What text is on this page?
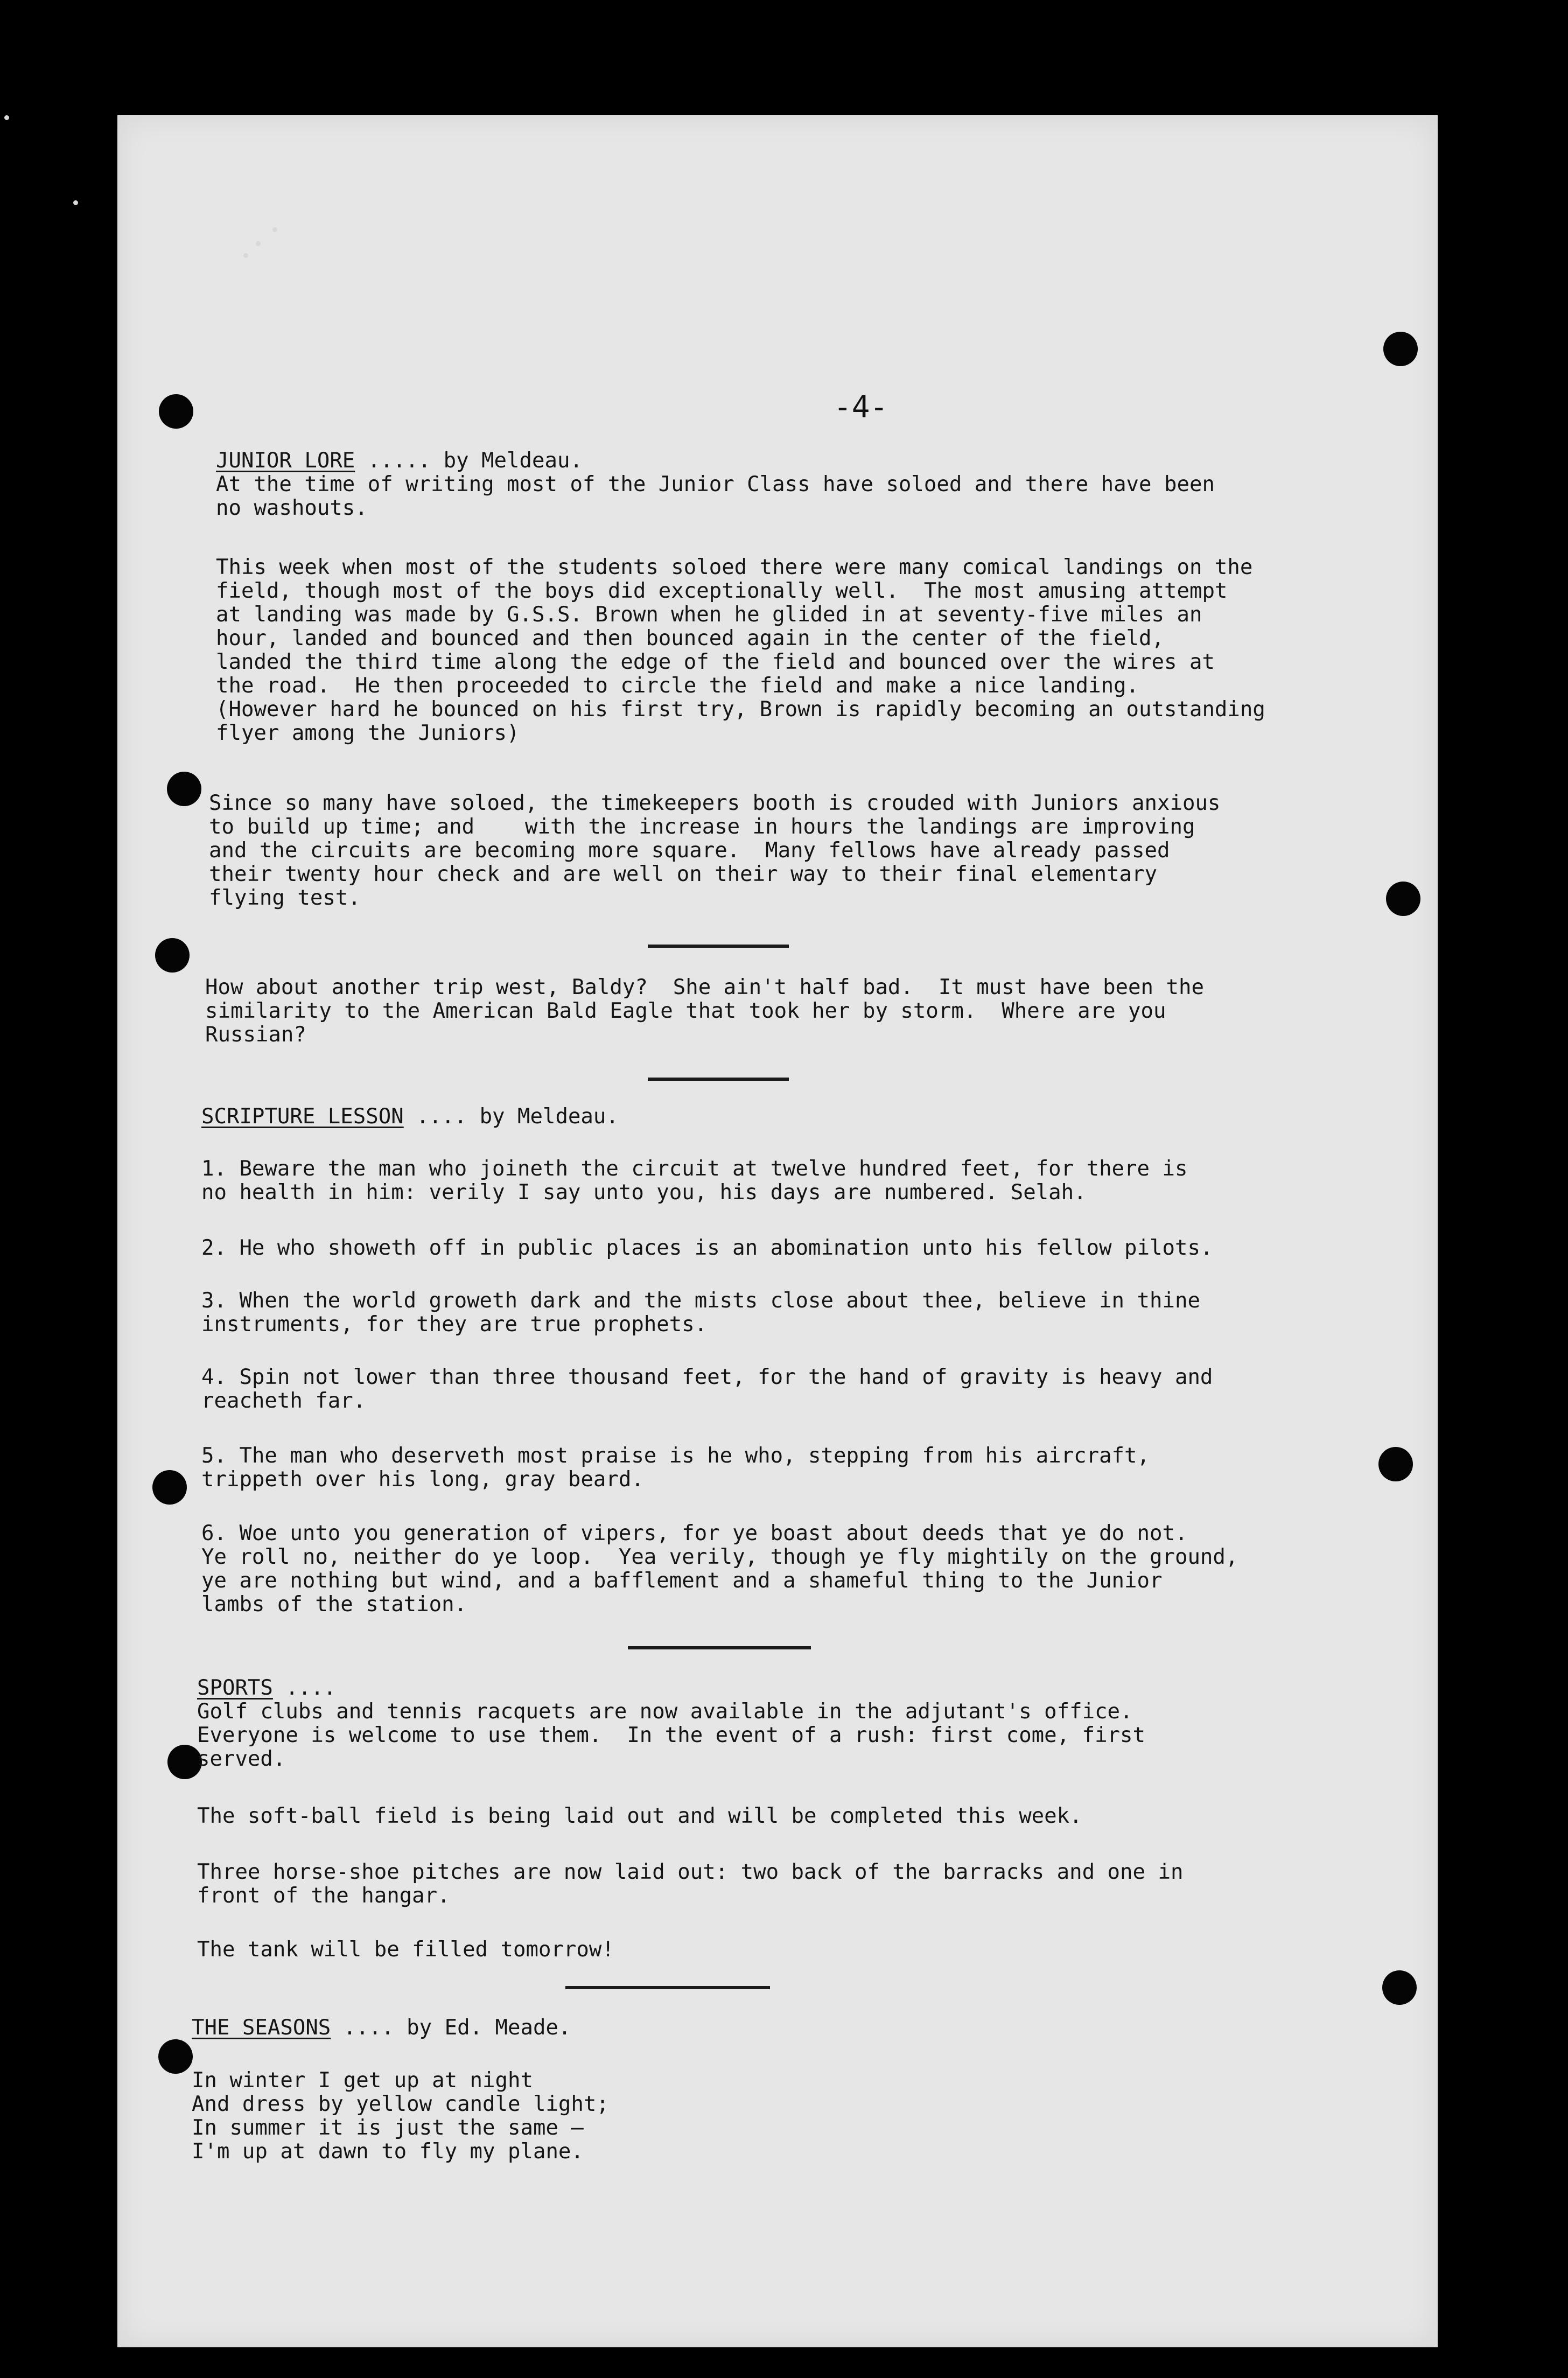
-4-
JUNIOR LORE ..... by Meldeau.
At the time of writing most of the Junior Class have soloed and there have been
no washouts.
This week when most of the students soloed there were many comical landings on the
field, though most of the boys did exceptionally well.  The most amusing attempt
at landing was made by G.S.S. Brown when he glided in at seventy-five miles an
hour, landed and bounced and then bounced again in the center of the field,
landed the third time along the edge of the field and bounced over the wires at
the road.  He then proceeded to circle the field and make a nice landing.
(However hard he bounced on his first try, Brown is rapidly becoming an outstanding
flyer among the Juniors)
Since so many have soloed, the timekeepers booth is crouded with Juniors anxious
to build up time; and    with the increase in hours the landings are improving
and the circuits are becoming more square.  Many fellows have already passed
their twenty hour check and are well on their way to their final elementary
flying test.
How about another trip west, Baldy?  She ain't half bad.  It must have been the
similarity to the American Bald Eagle that took her by storm.  Where are you
Russian?
SCRIPTURE LESSON .... by Meldeau.
1. Beware the man who joineth the circuit at twelve hundred feet, for there is
no health in him: verily I say unto you, his days are numbered. Selah.
2. He who showeth off in public places is an abomination unto his fellow pilots.
3. When the world groweth dark and the mists close about thee, believe in thine
instruments, for they are true prophets.
4. Spin not lower than three thousand feet, for the hand of gravity is heavy and
reacheth far.
5. The man who deserveth most praise is he who, stepping from his aircraft,
trippeth over his long, gray beard.
6. Woe unto you generation of vipers, for ye boast about deeds that ye do not.
Ye roll no, neither do ye loop.  Yea verily, though ye fly mightily on the ground,
ye are nothing but wind, and a bafflement and a shameful thing to the Junior
lambs of the station.
SPORTS ....
Golf clubs and tennis racquets are now available in the adjutant's office.
Everyone is welcome to use them.  In the event of a rush: first come, first
served.
The soft-ball field is being laid out and will be completed this week.
Three horse-shoe pitches are now laid out: two back of the barracks and one in
front of the hangar.
The tank will be filled tomorrow!
THE SEASONS .... by Ed. Meade.
In winter I get up at night
And dress by yellow candle light;
In summer it is just the same —
I'm up at dawn to fly my plane.
